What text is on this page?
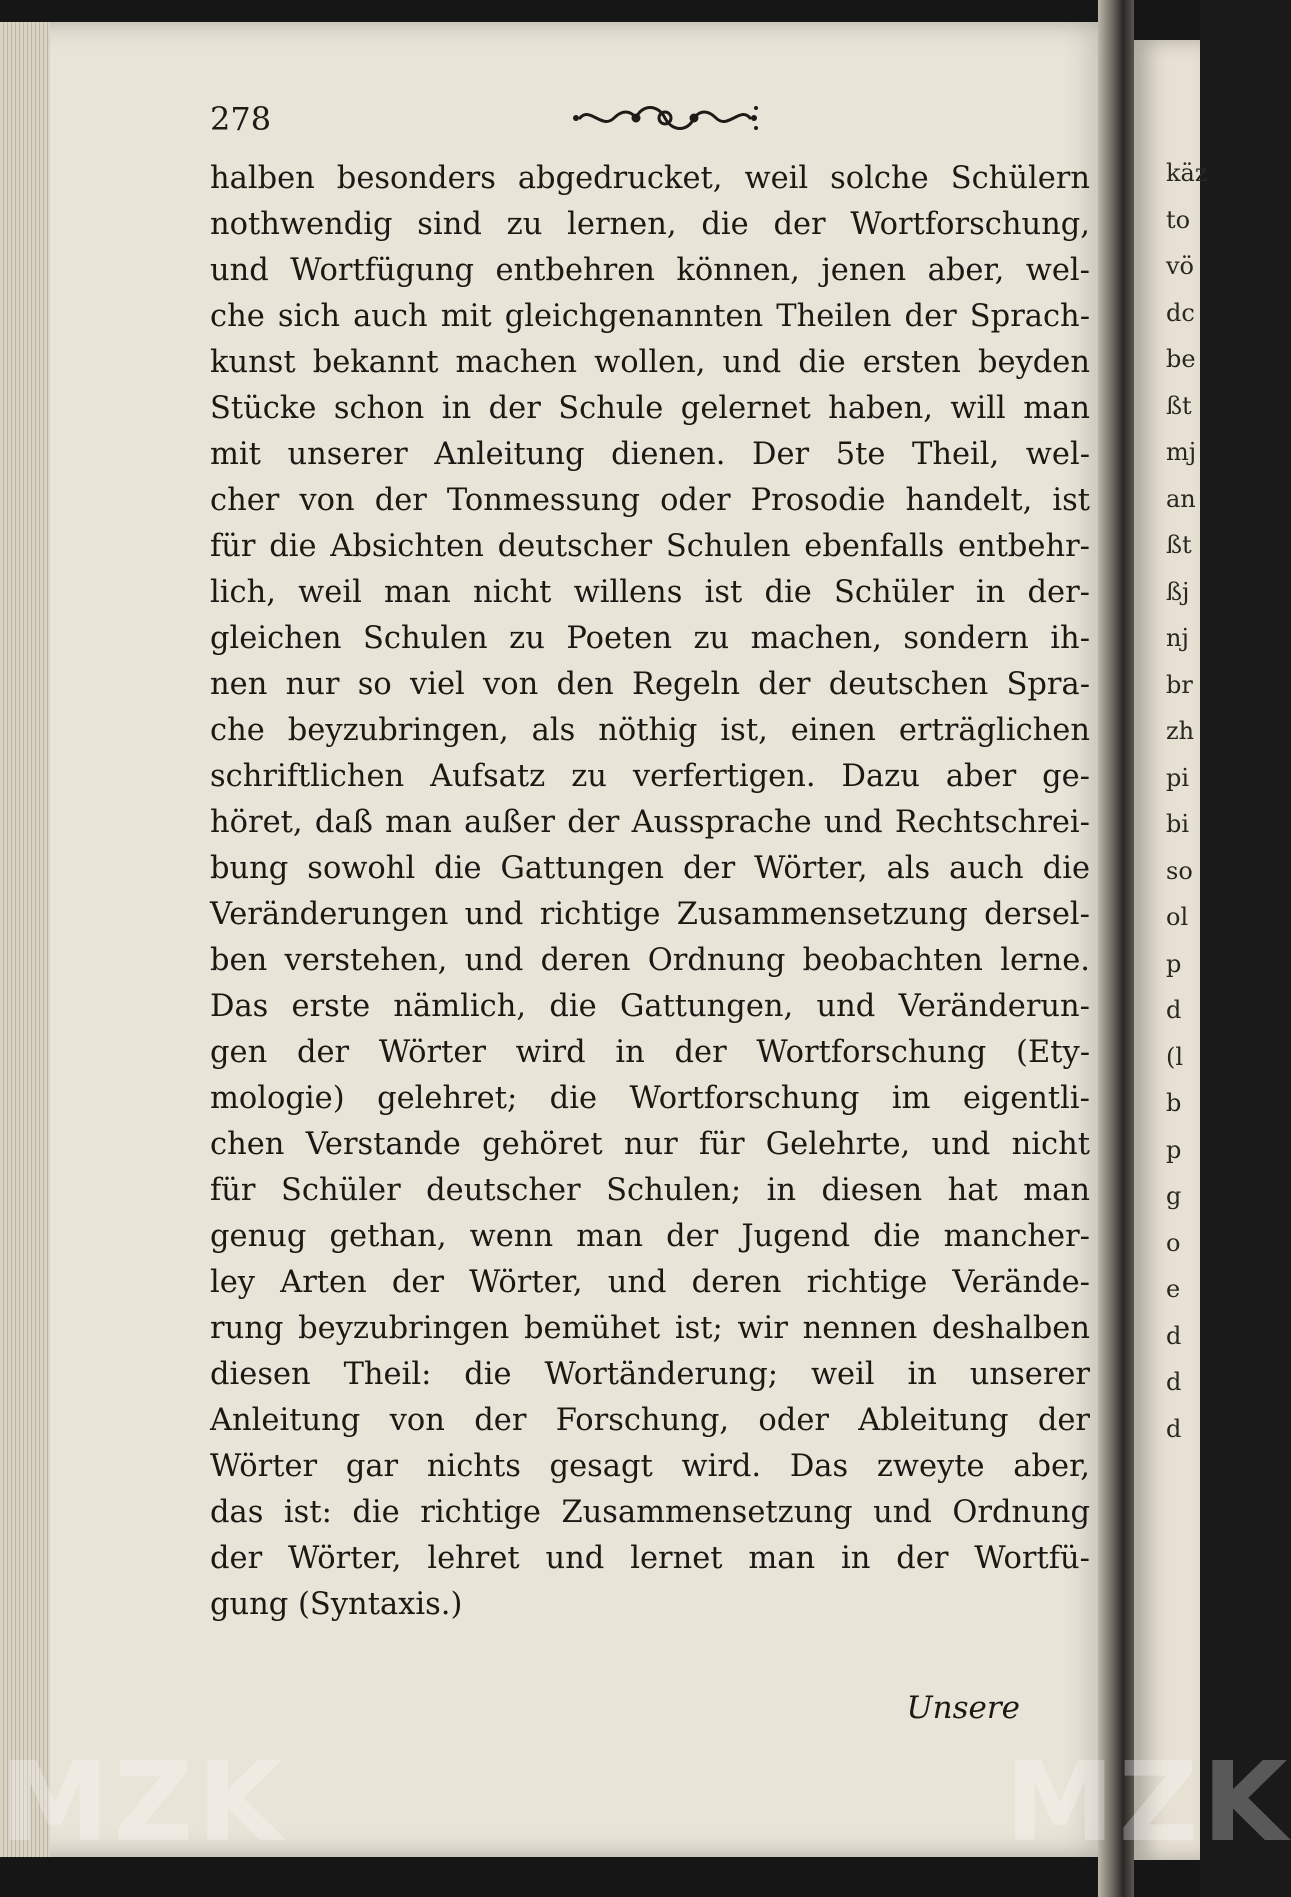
278
halben besonders abgedrucket, weil solche Schülern
nothwendig sind zu lernen, die der Wortforschung,
und Wortfügung entbehren können, jenen aber, wel-
che sich auch mit gleichgenannten Theilen der Sprach-
kunst bekannt machen wollen, und die ersten beyden
Stücke schon in der Schule gelernet haben, will man
mit unserer Anleitung dienen. Der 5te Theil, wel-
cher von der Tonmessung oder Prosodie handelt, ist
für die Absichten deutscher Schulen ebenfalls entbehr-
lich, weil man nicht willens ist die Schüler in der-
gleichen Schulen zu Poeten zu machen, sondern ih-
nen nur so viel von den Regeln der deutschen Spra-
che beyzubringen, als nöthig ist, einen erträglichen
schriftlichen Aufsatz zu verfertigen. Dazu aber ge-
höret, daß man außer der Aussprache und Rechtschrei-
bung sowohl die Gattungen der Wörter, als auch die
Veränderungen und richtige Zusammensetzung dersel-
ben verstehen, und deren Ordnung beobachten lerne.
Das erste nämlich, die Gattungen, und Veränderun-
gen der Wörter wird in der Wortforschung (Ety-
mologie) gelehret; die Wortforschung im eigentli-
chen Verstande gehöret nur für Gelehrte, und nicht
für Schüler deutscher Schulen; in diesen hat man
genug gethan, wenn man der Jugend die mancher-
ley Arten der Wörter, und deren richtige Verände-
rung beyzubringen bemühet ist; wir nennen deshalben
diesen Theil: die Wortänderung; weil in unserer
Anleitung von der Forschung, oder Ableitung der
Wörter gar nichts gesagt wird. Das zweyte aber,
das ist: die richtige Zusammensetzung und Ordnung
der Wörter, lehret und lernet man in der Wortfü-
gung (Syntaxis.)
Unsere
käz
to
vö
dc
be
ßt
mj
an
ßt
ßj
nj
br
zh
pi
bi
so
ol
p
d
(l
b
p
g
o
e
d
d
d
MZK	MZK
